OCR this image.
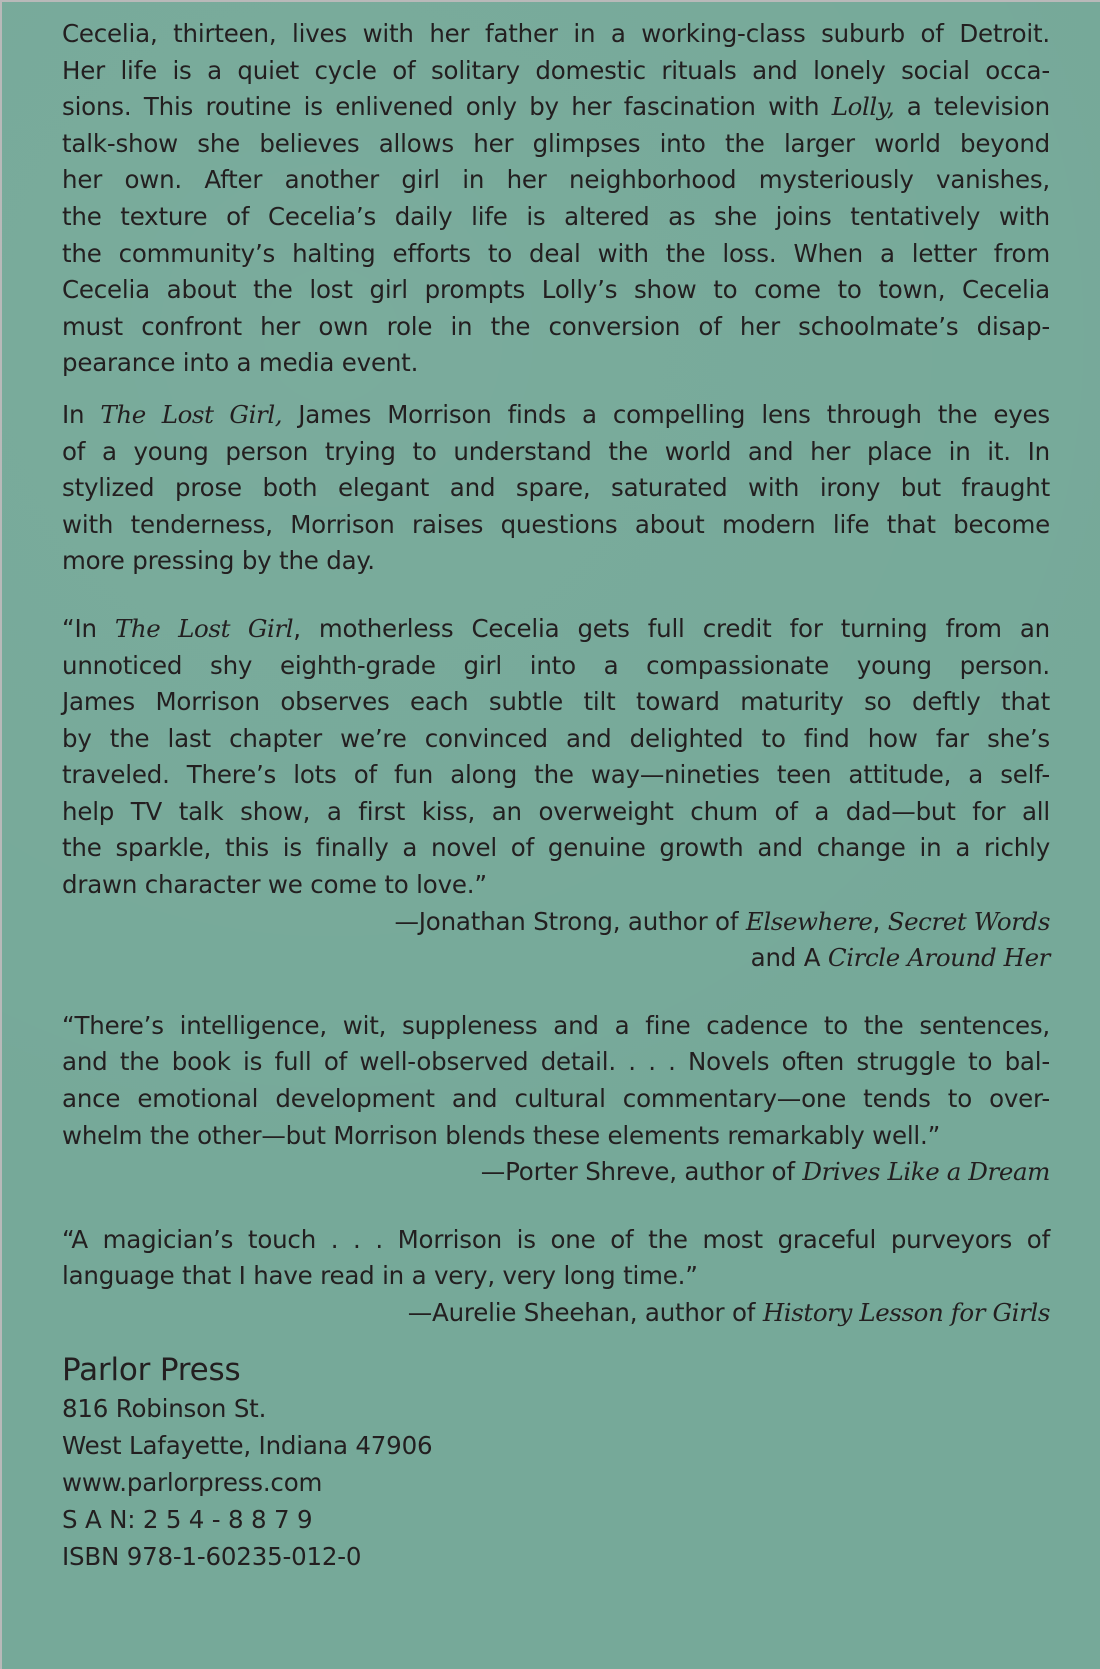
Cecelia, thirteen, lives with her father in a working-class suburb of Detroit.
Her life is a quiet cycle of solitary domestic rituals and lonely social occa-
sions. This routine is enlivened only by her fascination with Lolly, a television
talk-show she believes allows her glimpses into the larger world beyond
her own. After another girl in her neighborhood mysteriously vanishes,
the texture of Cecelia’s daily life is altered as she joins tentatively with
the community’s halting efforts to deal with the loss. When a letter from
Cecelia about the lost girl prompts Lolly’s show to come to town, Cecelia
must confront her own role in the conversion of her schoolmate’s disap-
pearance into a media event.
In The Lost Girl, James Morrison finds a compelling lens through the eyes
of a young person trying to understand the world and her place in it. In
stylized prose both elegant and spare, saturated with irony but fraught
with tenderness, Morrison raises questions about modern life that become
more pressing by the day.
“In The Lost Girl, motherless Cecelia gets full credit for turning from an
unnoticed shy eighth-grade girl into a compassionate young person.
James Morrison observes each subtle tilt toward maturity so deftly that
by the last chapter we’re convinced and delighted to find how far she’s
traveled. There’s lots of fun along the way—nineties teen attitude, a self-
help TV talk show, a first kiss, an overweight chum of a dad—but for all
the sparkle, this is finally a novel of genuine growth and change in a richly
drawn character we come to love.”
—Jonathan Strong, author of Elsewhere, Secret Words
and A Circle Around Her
“There’s intelligence, wit, suppleness and a fine cadence to the sentences,
and the book is full of well-observed detail. . . . Novels often struggle to bal-
ance emotional development and cultural commentary—one tends to over-
whelm the other—but Morrison blends these elements remarkably well.”
—Porter Shreve, author of Drives Like a Dream
“A magician’s touch . . . Morrison is one of the most graceful purveyors of
language that I have read in a very, very long time.”
—Aurelie Sheehan, author of History Lesson for Girls
Parlor Press
816 Robinson St.
West Lafayette, Indiana 47906
www.parlorpress.com
S A N: 2 5 4 - 8 8 7 9
ISBN 978-1-60235-012-0
